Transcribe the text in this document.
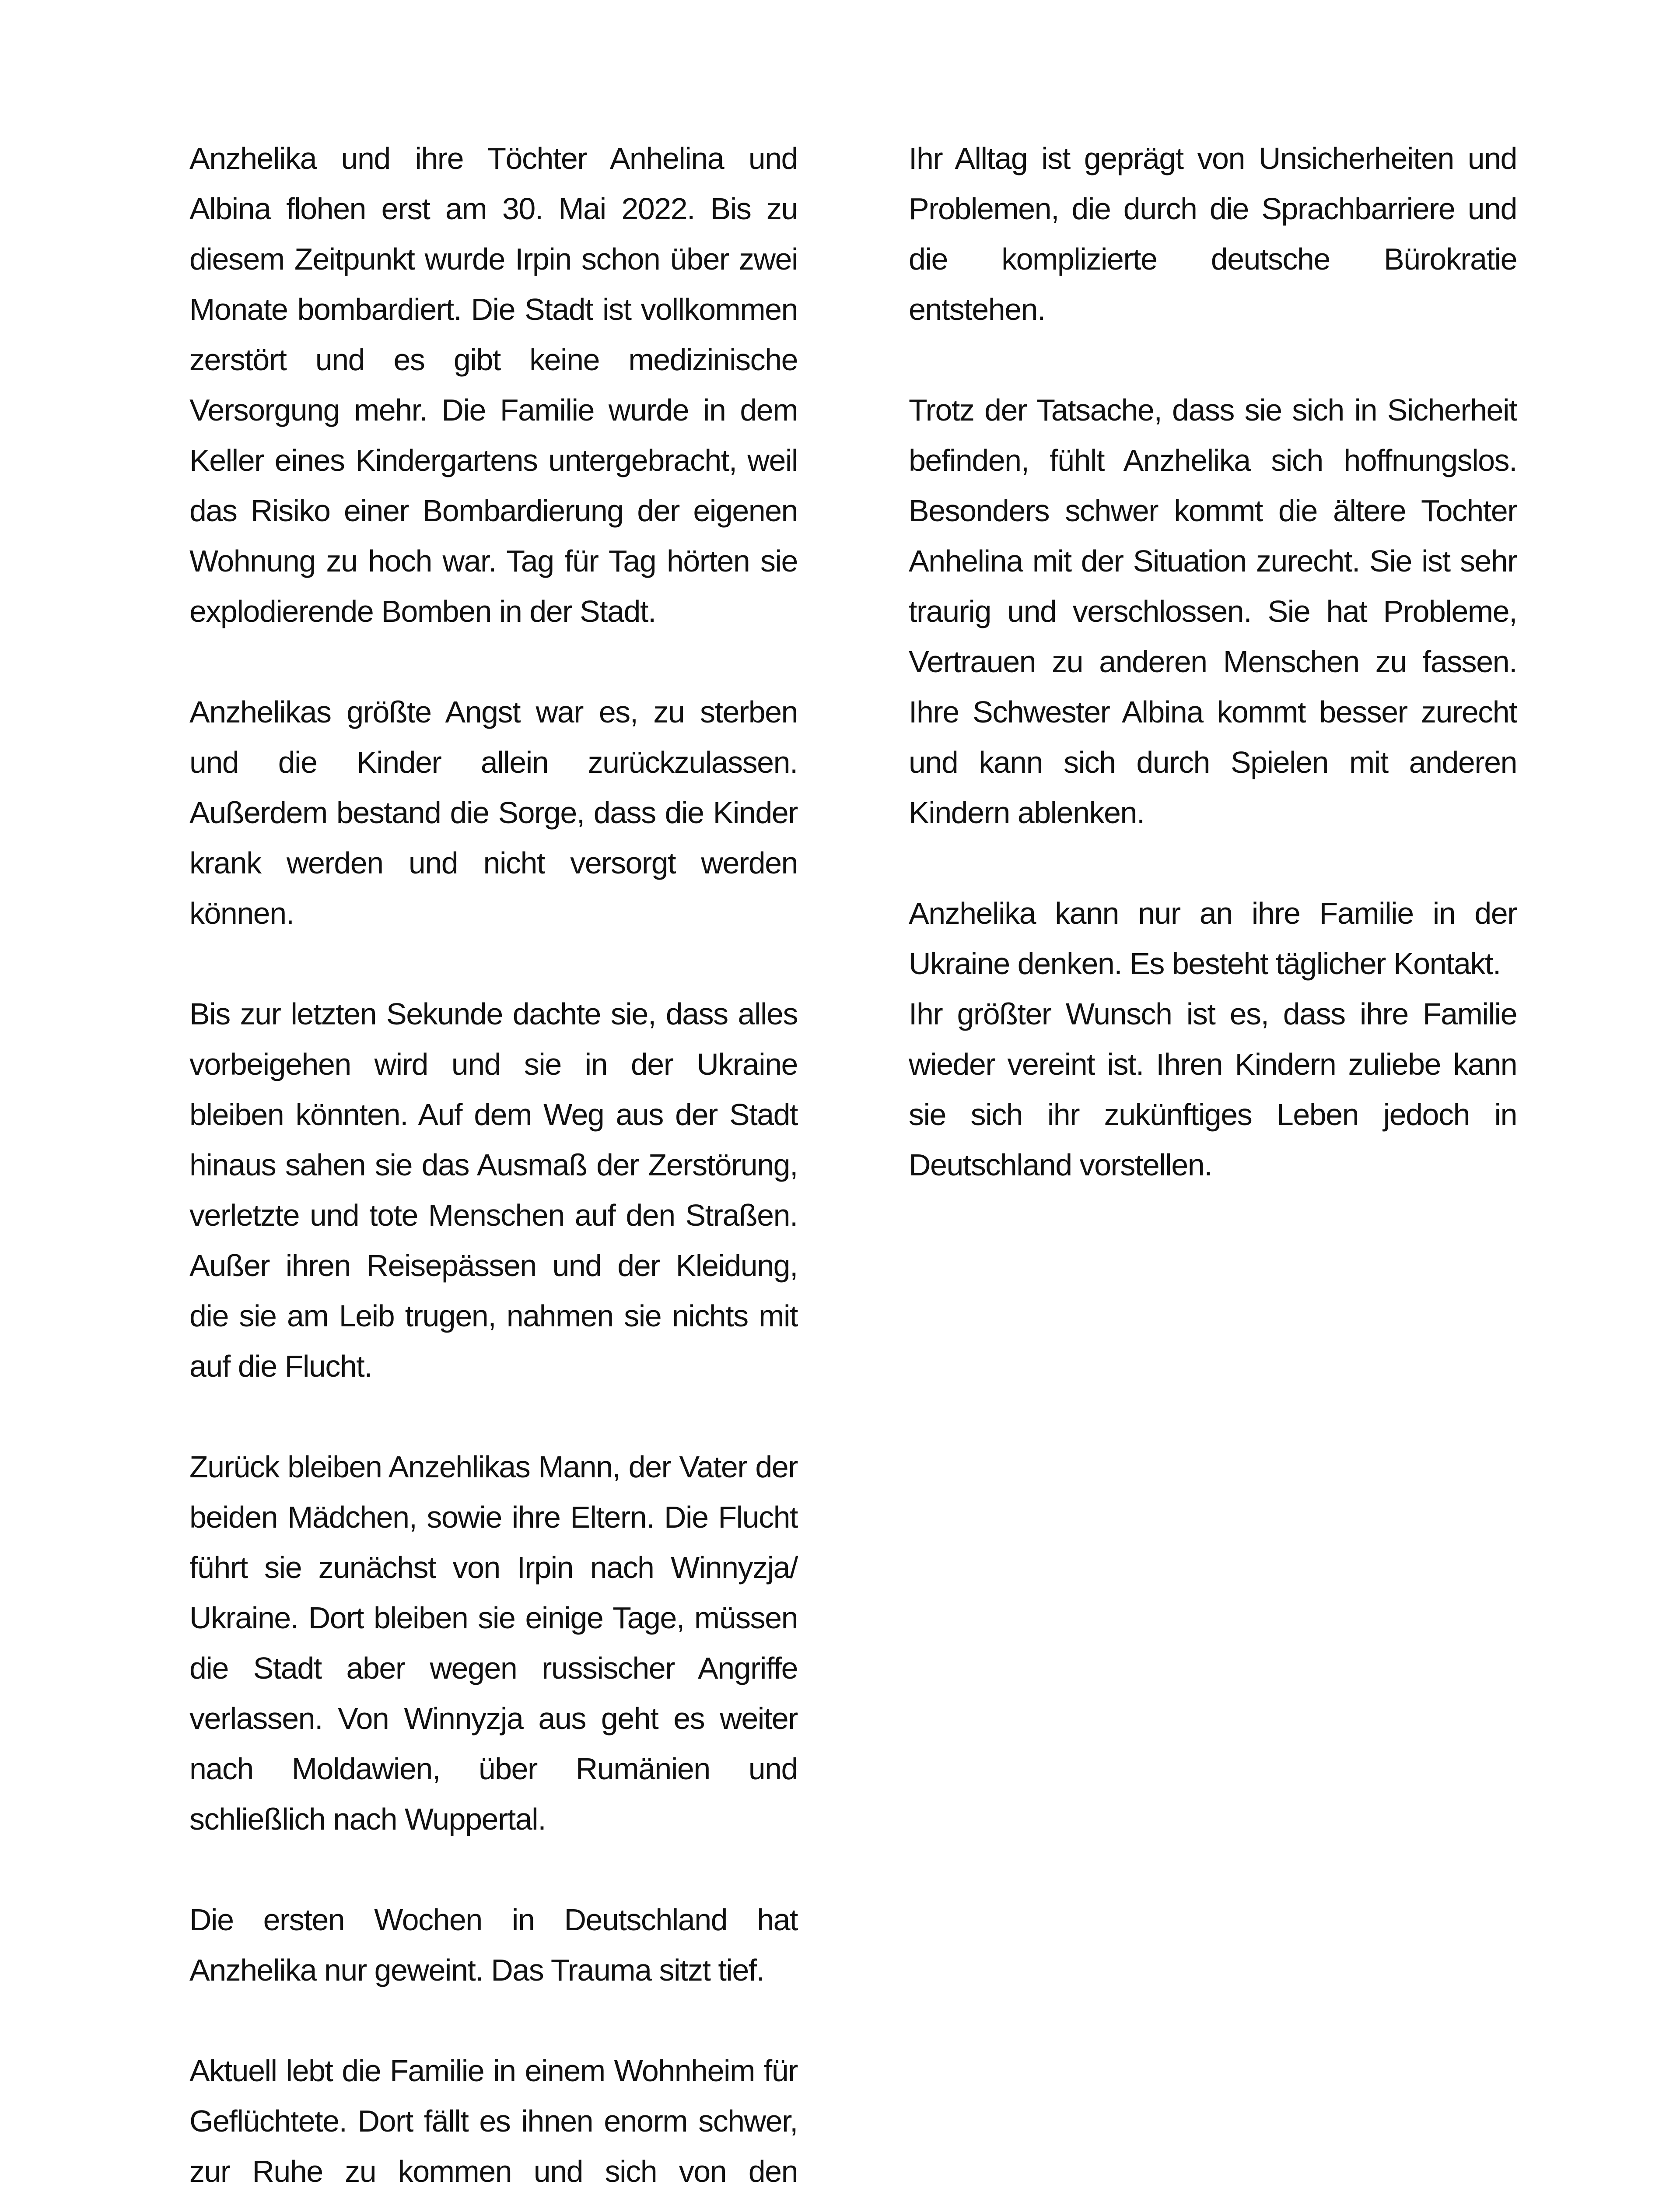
Anzhelika und ihre Töchter Anhelina und Albina flohen erst am 30. Mai 2022. Bis zu diesem Zeitpunkt wurde Irpin schon über zwei Monate bombardiert. Die Stadt ist vollkommen zerstört und es gibt keine medizinische Versorgung mehr. Die Familie wurde in dem Keller eines Kindergartens untergebracht, weil das Risiko einer Bombardierung der eigenen Wohnung zu hoch war. Tag für Tag hörten sie explodierende Bomben in der Stadt.

Anzhelikas größte Angst war es, zu sterben und die Kinder allein zurückzulassen. Außerdem bestand die Sorge, dass die Kinder krank werden und nicht versorgt werden können.

Bis zur letzten Sekunde dachte sie, dass alles vorbeigehen wird und sie in der Ukraine bleiben könnten. Auf dem Weg aus der Stadt hinaus sahen sie das Ausmaß der Zerstörung, verletzte und tote Menschen auf den Straßen. Außer ihren Reisepässen und der Kleidung, die sie am Leib trugen, nahmen sie nichts mit auf die Flucht.

Zurück bleiben Anzehlikas Mann, der Vater der beiden Mädchen, sowie ihre Eltern. Die Flucht führt sie zunächst von Irpin nach Winnyzja/ Ukraine. Dort bleiben sie einige Tage, müssen die Stadt aber wegen russischer Angriffe verlassen. Von Winnyzja aus geht es weiter nach Moldawien, über Rumänien und schließlich nach Wuppertal.

Die ersten Wochen in Deutschland hat Anzhelika nur geweint. Das Trauma sitzt tief.

Aktuell lebt die Familie in einem Wohnheim für Geflüchtete. Dort fällt es ihnen enorm schwer, zur Ruhe zu kommen und sich von den

Ihr Alltag ist geprägt von Unsicherheiten und Problemen, die durch die Sprachbarriere und die komplizierte deutsche Bürokratie entstehen.

Trotz der Tatsache, dass sie sich in Sicherheit befinden, fühlt Anzhelika sich hoffnungslos. Besonders schwer kommt die ältere Tochter Anhelina mit der Situation zurecht. Sie ist sehr traurig und verschlossen. Sie hat Probleme, Vertrauen zu anderen Menschen zu fassen. Ihre Schwester Albina kommt besser zurecht und kann sich durch Spielen mit anderen Kindern ablenken.

Anzhelika kann nur an ihre Familie in der Ukraine denken. Es besteht täglicher Kontakt.

Ihr größter Wunsch ist es, dass ihre Familie wieder vereint ist. Ihren Kindern zuliebe kann sie sich ihr zukünftiges Leben jedoch in Deutschland vorstellen.
